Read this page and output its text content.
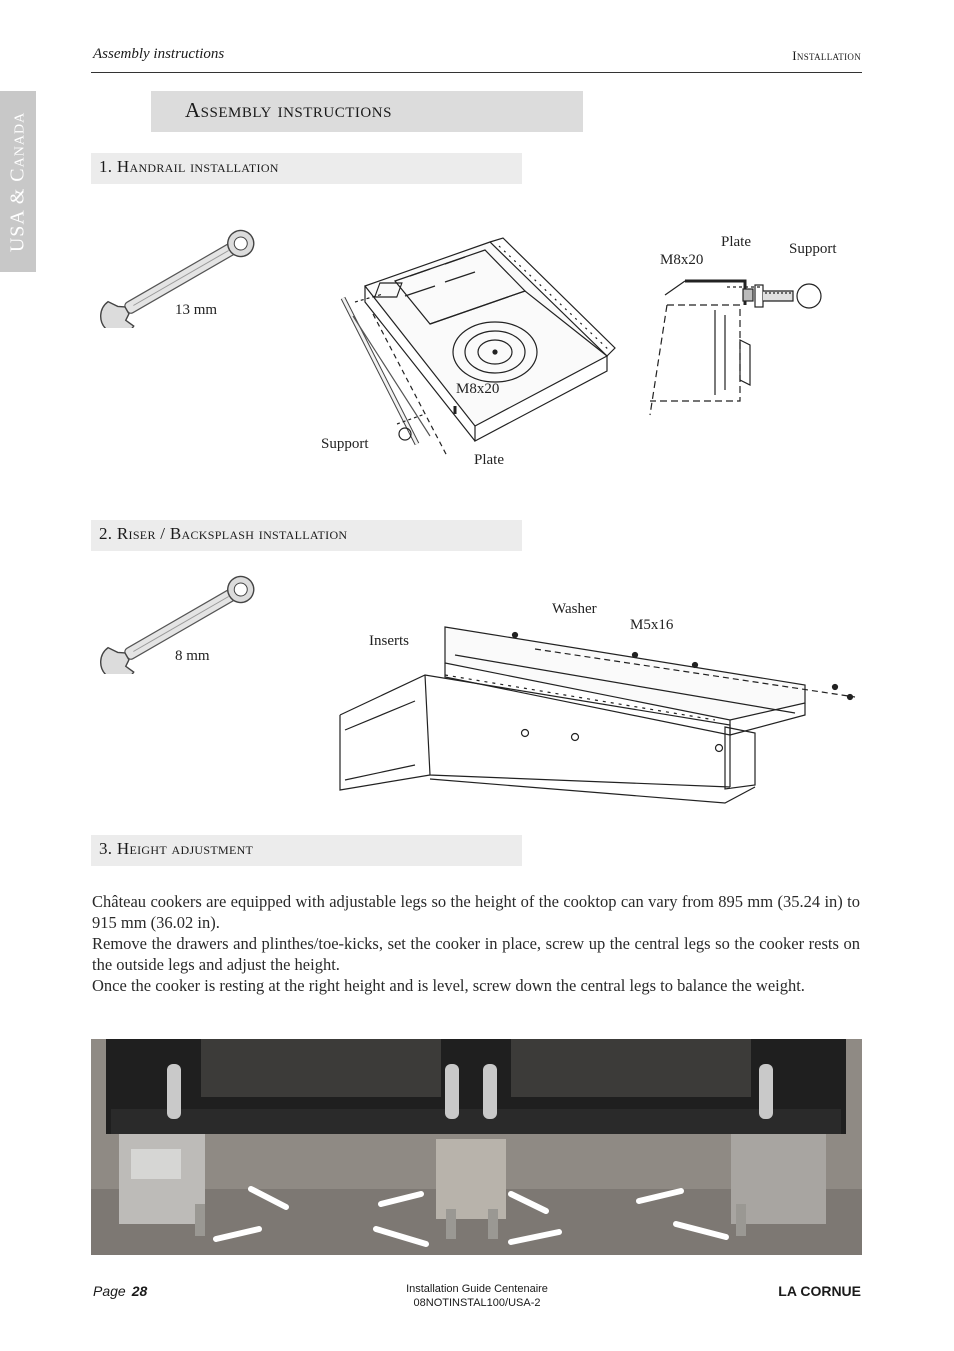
Assembly instructions	Installation
USA & Canada
Assembly instructions
1. Handrail installation
13 mm
M8x20
Support
Plate
Plate
M8x20
Support
2. Riser / Backsplash installation
8 mm
Washer
M5x16
Inserts
3. Height adjustment

Château cookers are equipped with adjustable legs so the height of the cooktop can vary from 895 mm (35.24 in) to 915 mm (36.02 in).

Remove the drawers and plinthes/toe-kicks, set the cooker in place, screw up the central legs so the cooker rests on the outside legs and adjust the height.

Once the cooker is resting at the right height and is level, screw down the central legs to balance the weight.

Page 28	Installation Guide Centenaire
08NOTINSTAL100/USA-2
LA CORNUE
